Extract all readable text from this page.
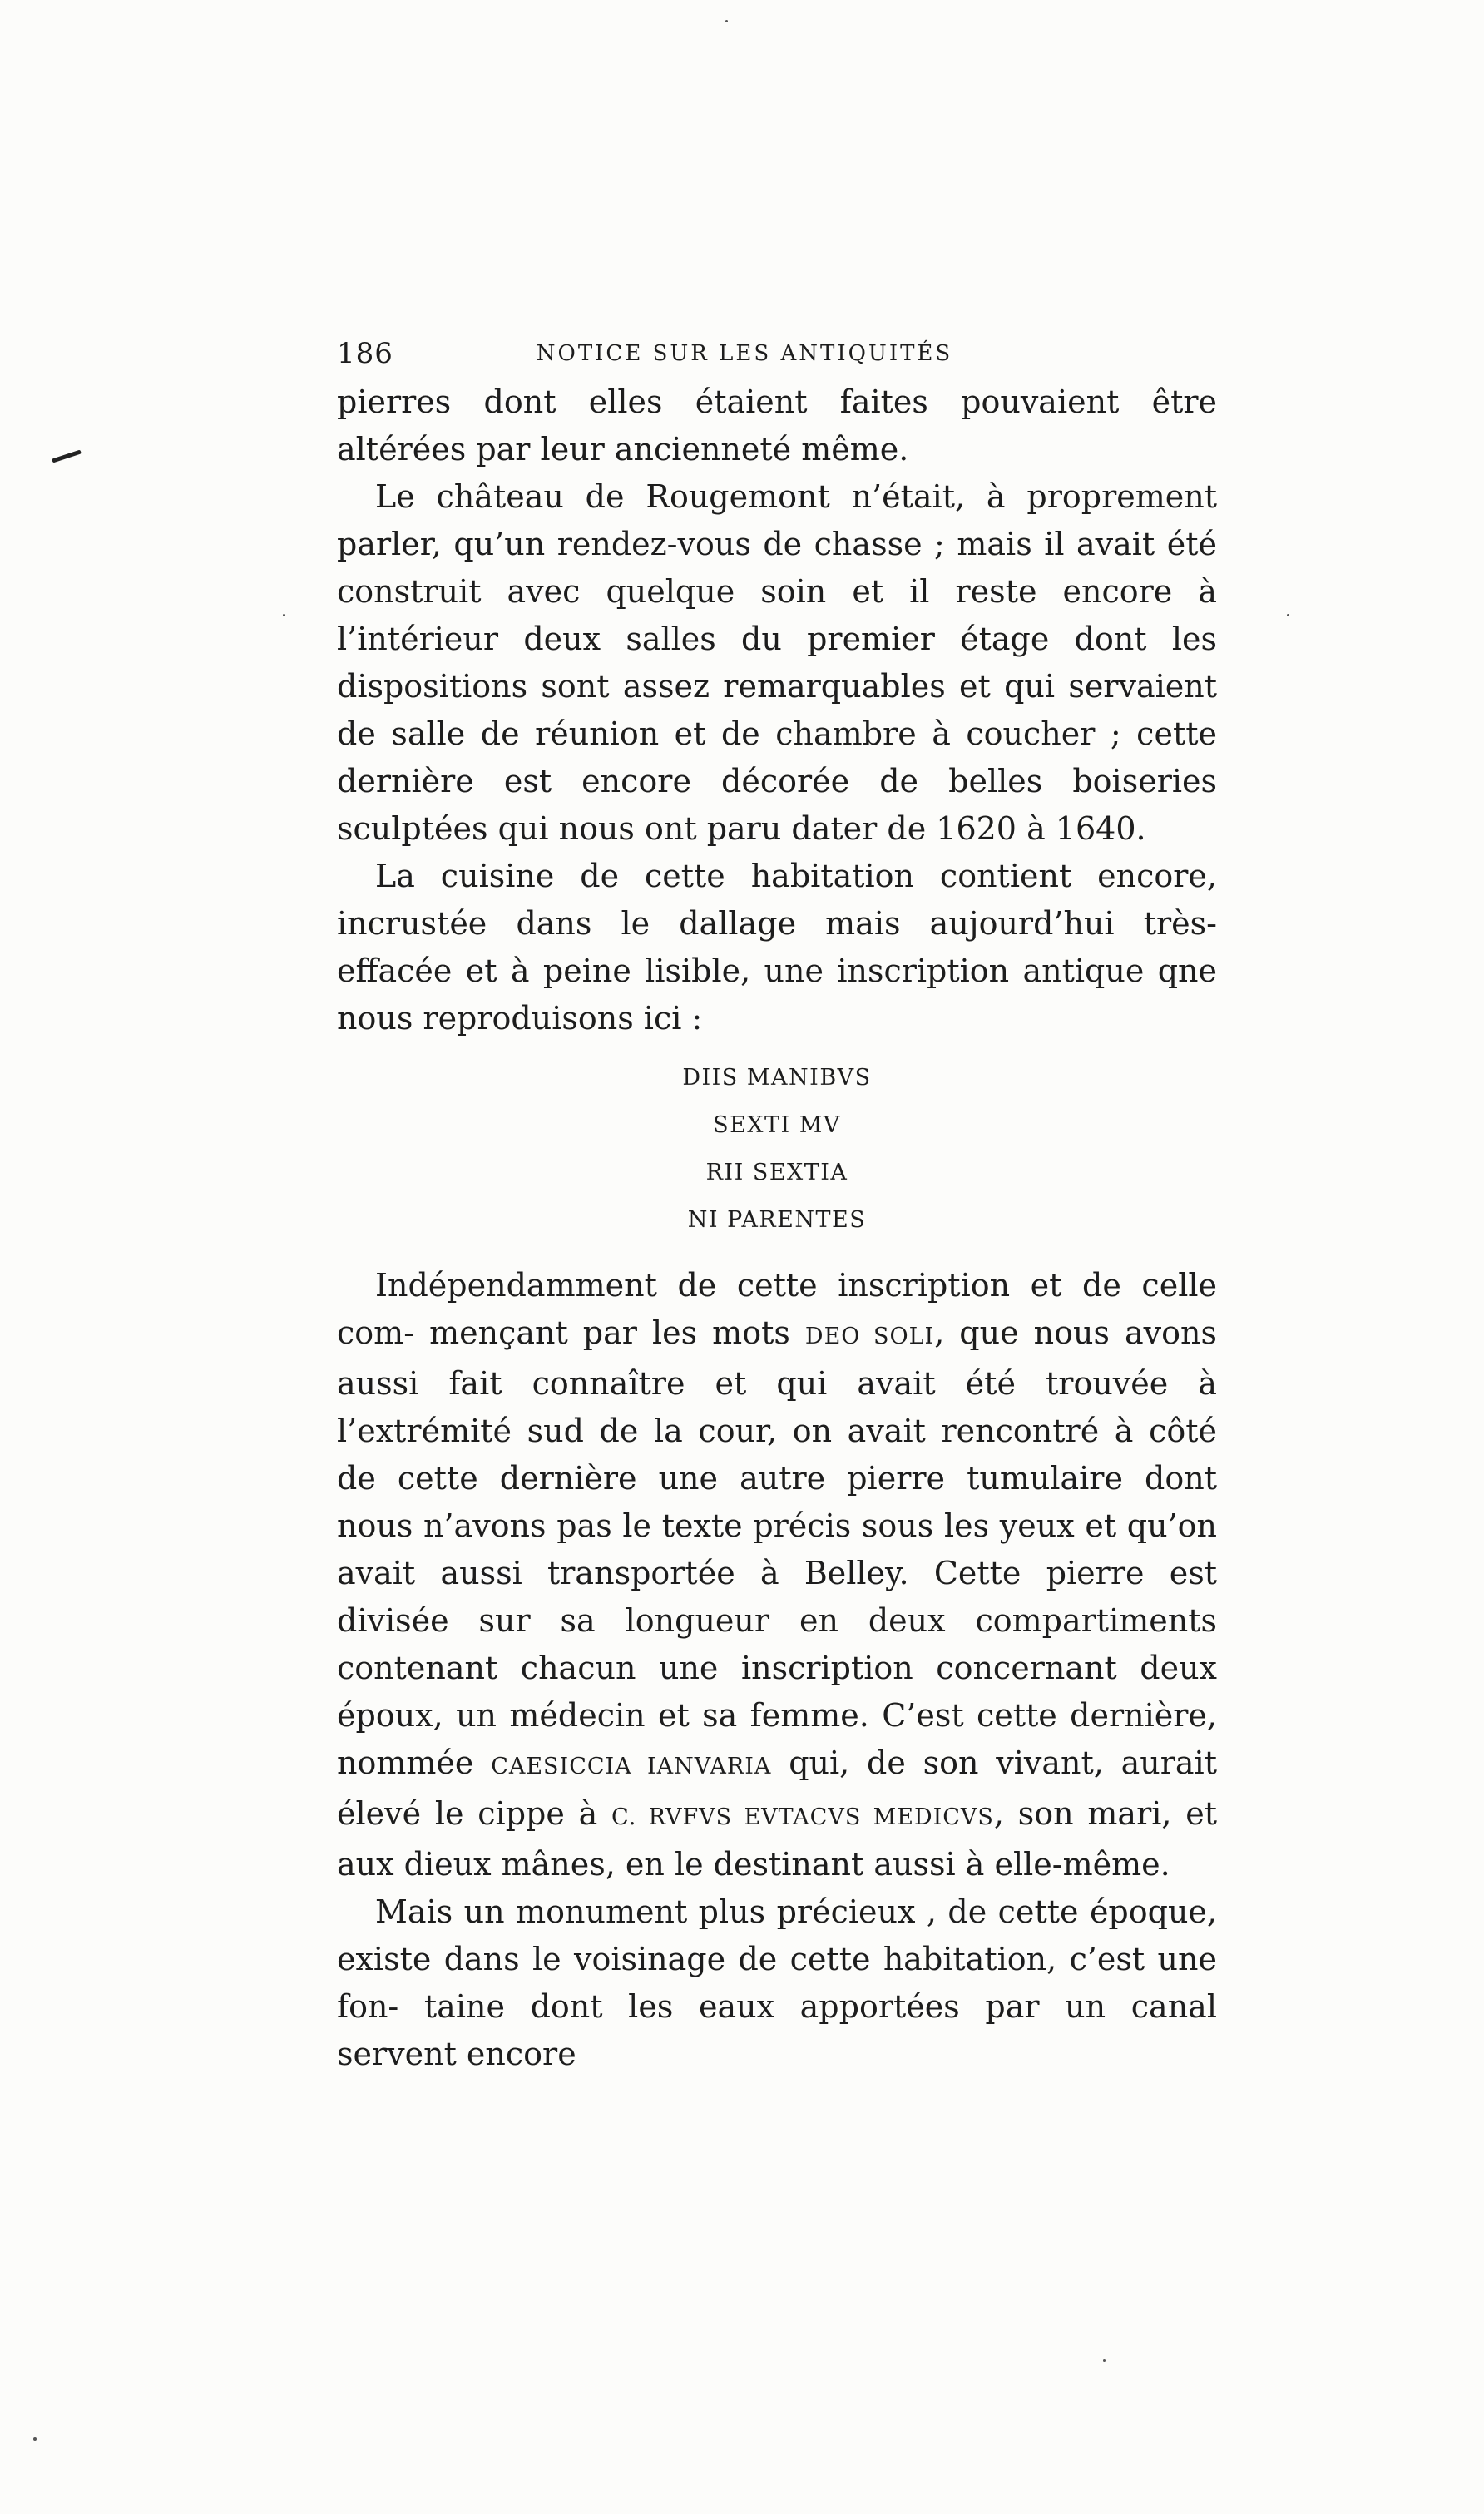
186	NOTICE SUR LES ANTIQUITÉS

pierres dont elles étaient faites pouvaient être altérées par leur ancienneté même.

Le château de Rougemont n’était, à proprement parler, qu’un rendez-vous de chasse ; mais il avait été construit avec quelque soin et il reste encore à l’intérieur deux salles du premier étage dont les dispositions sont assez remarquables et qui servaient de salle de réunion et de chambre à coucher ; cette dernière est encore décorée de belles boiseries sculptées qui nous ont paru dater de 1620 à 1640.

La cuisine de cette habitation contient encore, incrustée dans le dallage mais aujourd’hui très-effacée et à peine lisible, une inscription antique qne nous reproduisons ici :

DIIS MANIBVS
SEXTI MV
RII SEXTIA
NI PARENTES

Indépendamment de cette inscription et de celle com- mençant par les mots DEO SOLI, que nous avons aussi fait connaître et qui avait été trouvée à l’extrémité sud de la cour, on avait rencontré à côté de cette dernière une autre pierre tumulaire dont nous n’avons pas le texte précis sous les yeux et qu’on avait aussi transportée à Belley. Cette pierre est divisée sur sa longueur en deux compartiments contenant chacun une inscription concernant deux époux, un médecin et sa femme. C’est cette dernière, nommée CAESICCIA IANVARIA qui, de son vivant, aurait élevé le cippe à C. RVFVS EVTACVS MEDICVS, son mari, et aux dieux mânes, en le destinant aussi à elle-même.

Mais un monument plus précieux , de cette époque, existe dans le voisinage de cette habitation, c’est une fon- taine dont les eaux apportées par un canal servent encore
